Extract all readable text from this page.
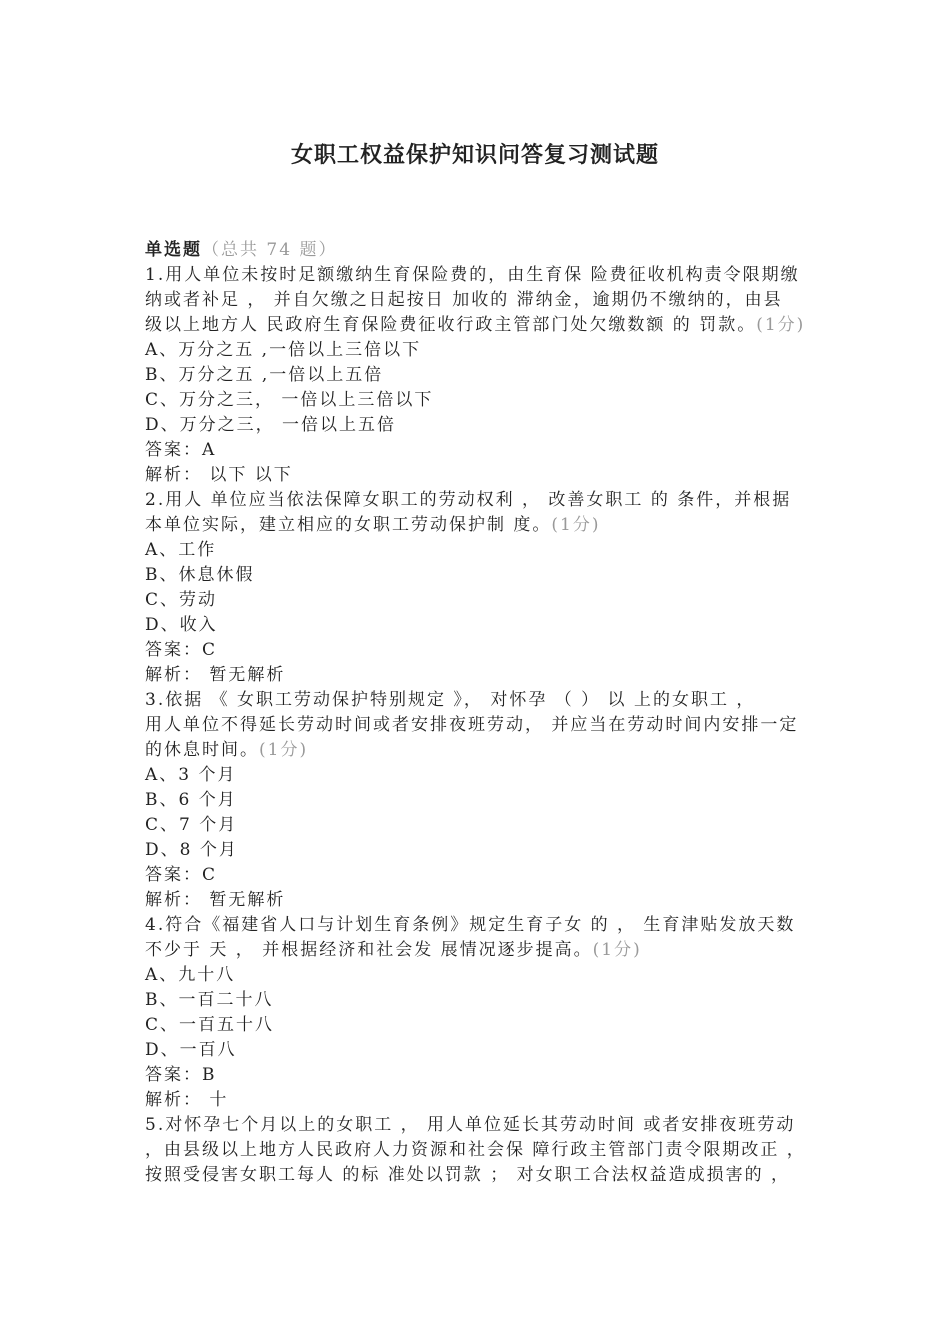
女职工权益保护知识问答复习测试题
单选题（总共 74 题）
1.用人单位未按时足额缴纳生育保险费的，由生育保 险费征收机构责令限期缴
纳或者补足 ， 并自欠缴之日起按日 加收的 滞纳金，逾期仍不缴纳的，由县
级以上地方人 民政府生育保险费征收行政主管部门处欠缴数额 的 罚款。(1分)
A、万分之五 ,一倍以上三倍以下
B、万分之五 ,一倍以上五倍
C、万分之三， 一倍以上三倍以下
D、万分之三， 一倍以上五倍
答案：A
解析： 以下 以下
2.用人 单位应当依法保障女职工的劳动权利 ， 改善女职工 的 条件，并根据
本单位实际，建立相应的女职工劳动保护制 度。(1分)
A、工作
B、休息休假
C、劳动
D、收入
答案：C
解析： 暂无解析
3.依据 《 女职工劳动保护特别规定 》， 对怀孕 （ ） 以 上的女职工 ，
用人单位不得延长劳动时间或者安排夜班劳动， 并应当在劳动时间内安排一定
的休息时间。(1分)
A、3 个月
B、6 个月
C、7 个月
D、8 个月
答案：C
解析： 暂无解析
4.符合《福建省人口与计划生育条例》规定生育子女 的 ， 生育津贴发放天数
不少于 天 ， 并根据经济和社会发 展情况逐步提高。(1分)
A、九十八
B、一百二十八
C、一百五十八
D、一百八
答案：B
解析： 十
5.对怀孕七个月以上的女职工 ， 用人单位延长其劳动时间 或者安排夜班劳动
，由县级以上地方人民政府人力资源和社会保 障行政主管部门责令限期改正 ，
按照受侵害女职工每人 的标 准处以罚款 ； 对女职工合法权益造成损害的 ，
